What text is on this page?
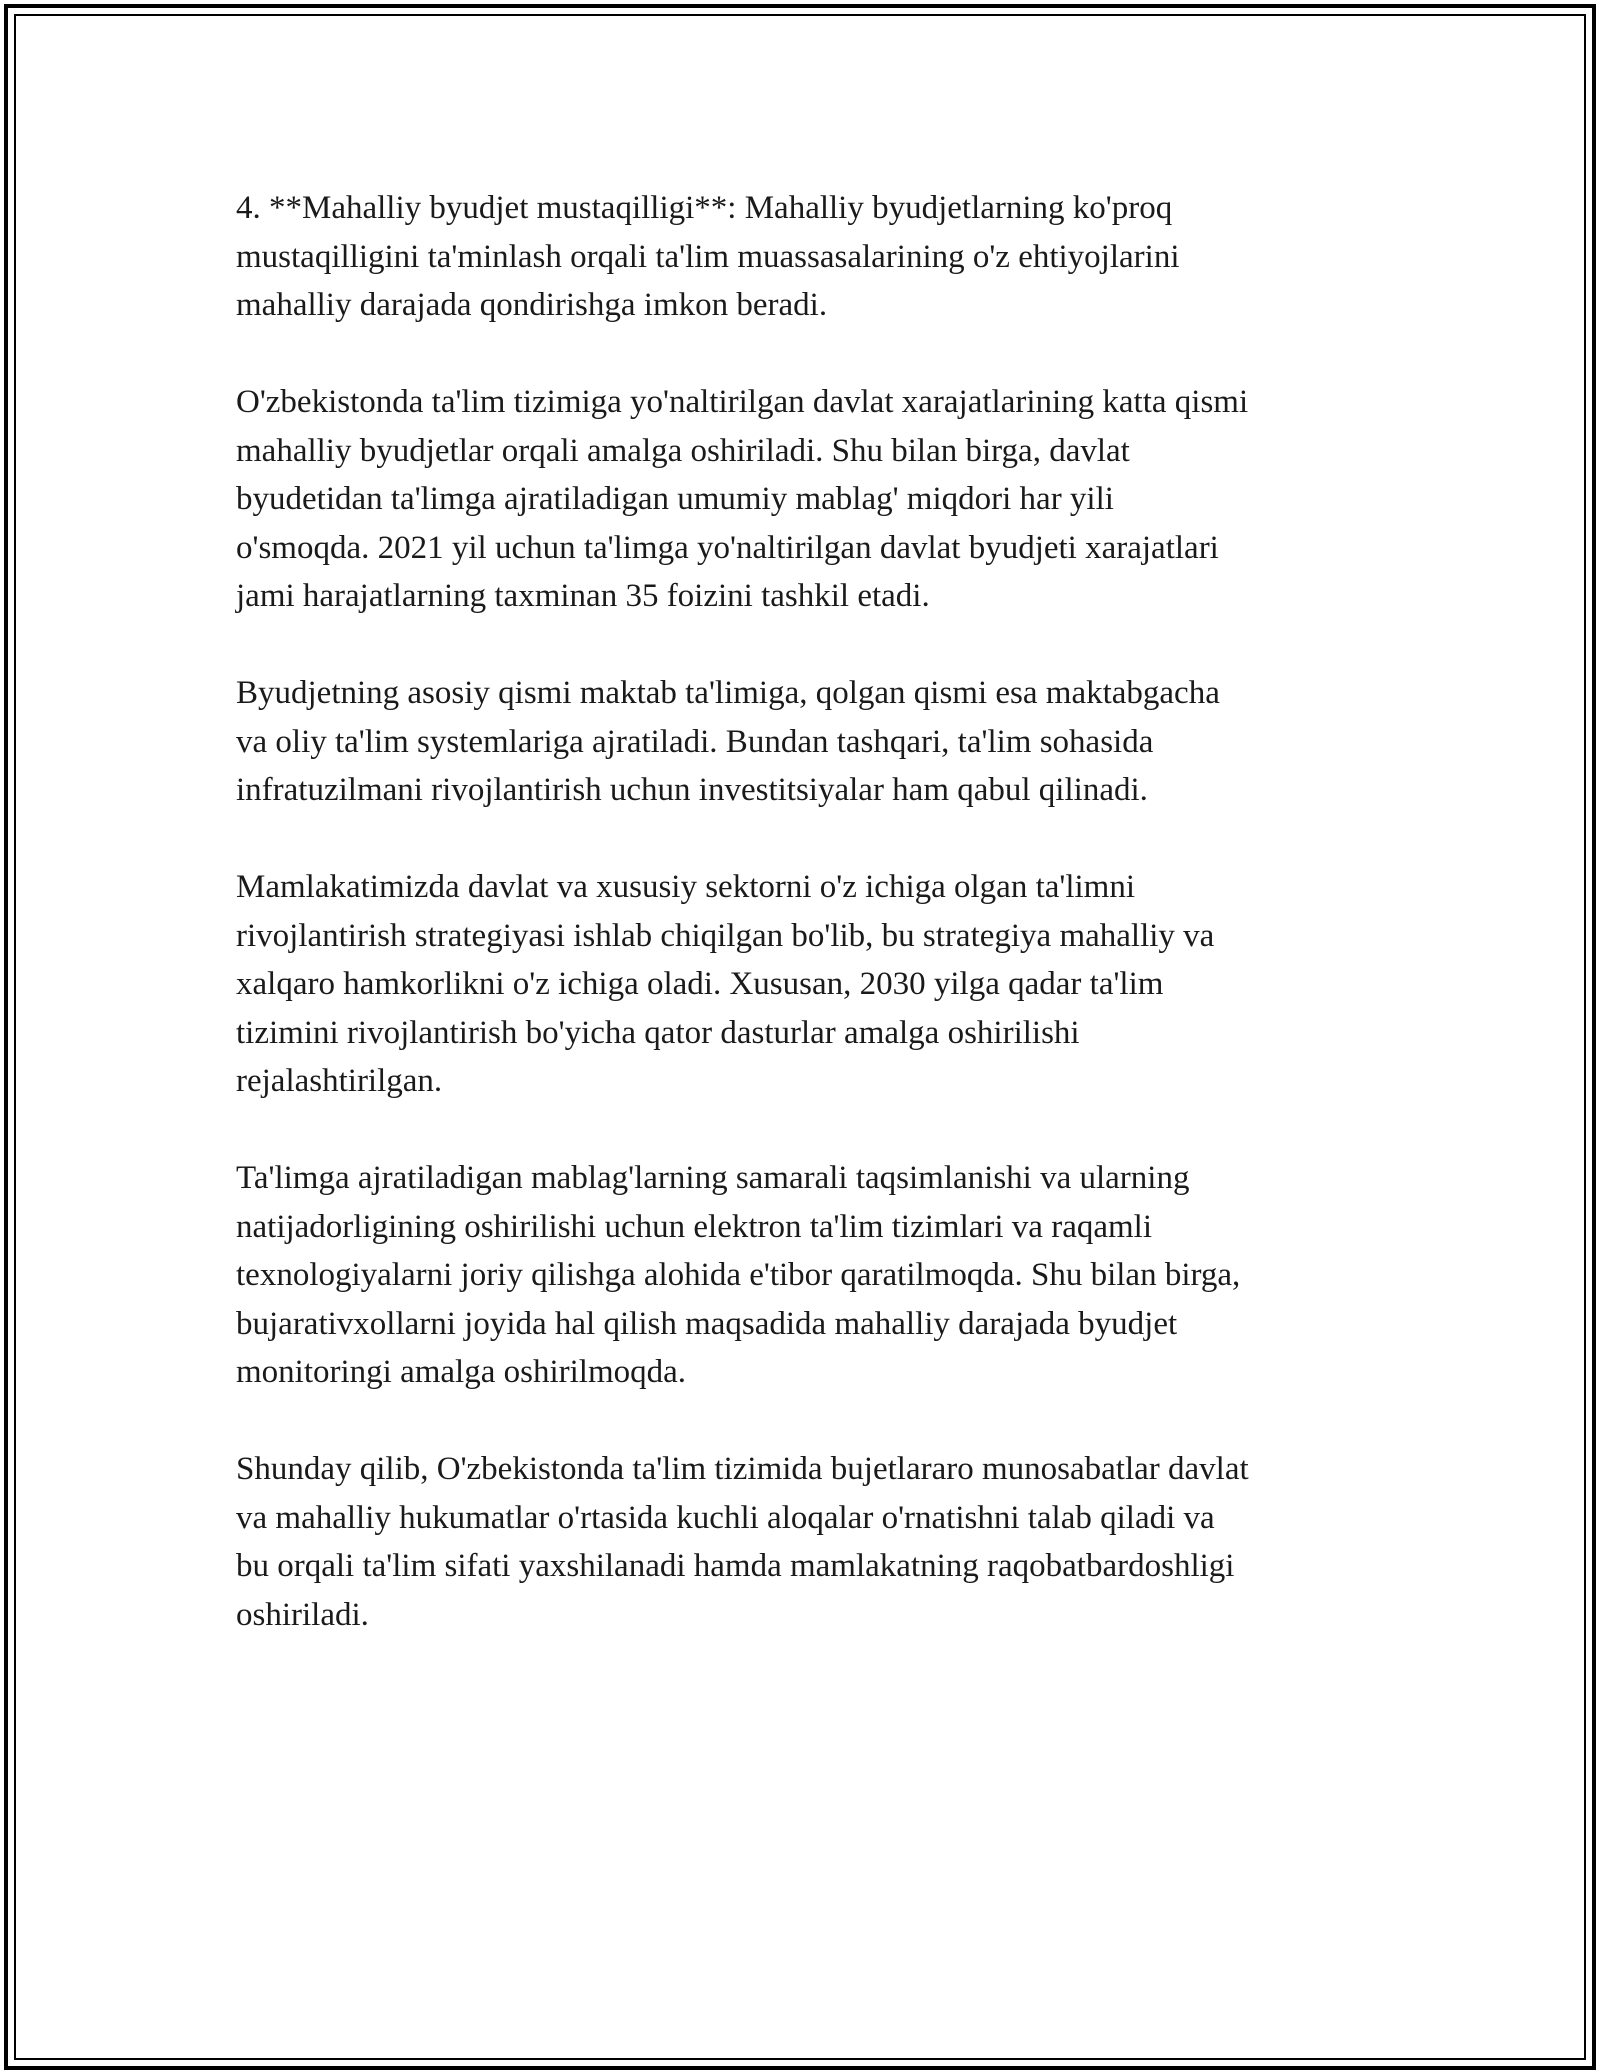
4. **Mahalliy byudjet mustaqilligi**: Mahalliy byudjetlarning ko'proq
mustaqilligini ta'minlash orqali ta'lim muassasalarining o'z ehtiyojlarini
mahalliy darajada qondirishga imkon beradi.

O'zbekistonda ta'lim tizimiga yo'naltirilgan davlat xarajatlarining katta qismi
mahalliy byudjetlar orqali amalga oshiriladi. Shu bilan birga, davlat
byudetidan ta'limga ajratiladigan umumiy mablag' miqdori har yili
o'smoqda. 2021 yil uchun ta'limga yo'naltirilgan davlat byudjeti xarajatlari
jami harajatlarning taxminan 35 foizini tashkil etadi.

Byudjetning asosiy qismi maktab ta'limiga, qolgan qismi esa maktabgacha
va oliy ta'lim systemlariga ajratiladi. Bundan tashqari, ta'lim sohasida
infratuzilmani rivojlantirish uchun investitsiyalar ham qabul qilinadi.

Mamlakatimizda davlat va xususiy sektorni o'z ichiga olgan ta'limni
rivojlantirish strategiyasi ishlab chiqilgan bo'lib, bu strategiya mahalliy va
xalqaro hamkorlikni o'z ichiga oladi. Xususan, 2030 yilga qadar ta'lim
tizimini rivojlantirish bo'yicha qator dasturlar amalga oshirilishi
rejalashtirilgan.

Ta'limga ajratiladigan mablag'larning samarali taqsimlanishi va ularning
natijadorligining oshirilishi uchun elektron ta'lim tizimlari va raqamli
texnologiyalarni joriy qilishga alohida e'tibor qaratilmoqda. Shu bilan birga,
bujarativxollarni joyida hal qilish maqsadida mahalliy darajada byudjet
monitoringi amalga oshirilmoqda.

Shunday qilib, O'zbekistonda ta'lim tizimida bujetlararo munosabatlar davlat
va mahalliy hukumatlar o'rtasida kuchli aloqalar o'rnatishni talab qiladi va
bu orqali ta'lim sifati yaxshilanadi hamda mamlakatning raqobatbardoshligi
oshiriladi.
